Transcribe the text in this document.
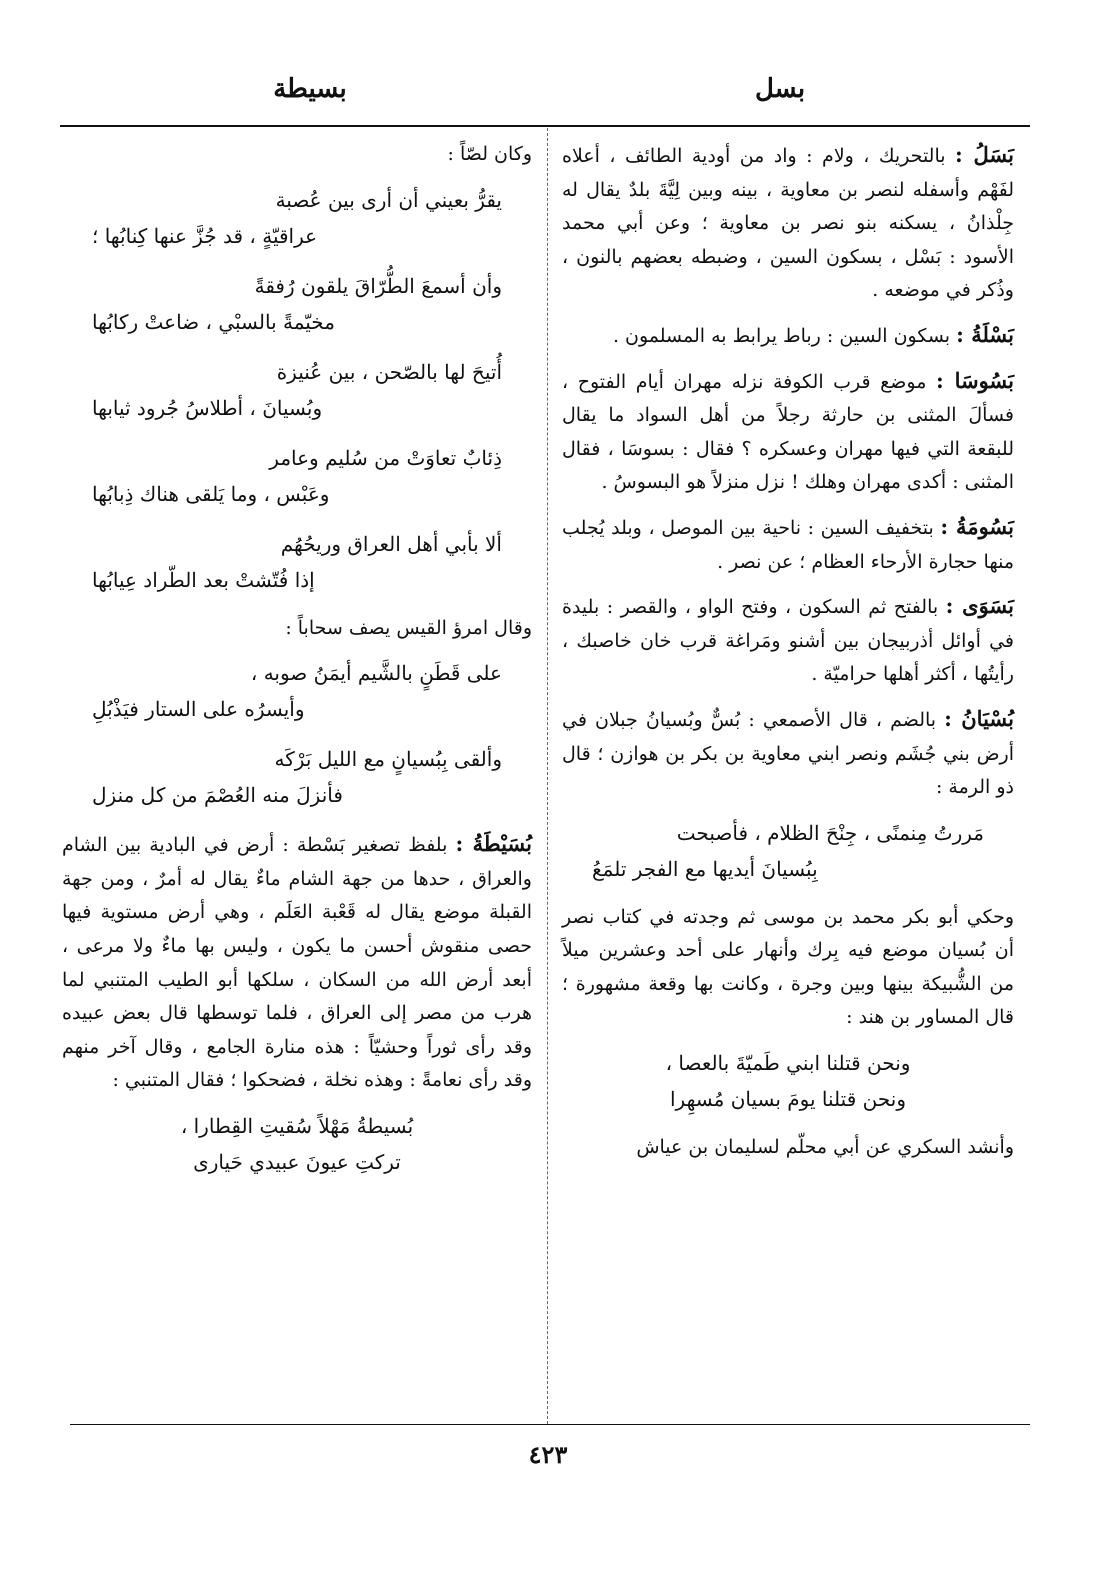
بسل
بسيطة

بَسَلُ : بالتحريك ، ولام : واد من أودية الطائف ، أعلاه لفَهْم وأسفله لنصر بن معاوية ، بينه وبين لِيَّةَ بلدٌ يقال له جِلْذانُ ، يسكنه بنو نصر بن معاوية ؛ وعن أبي محمد الأسود : بَسْل ، بسكون السين ، وضبطه بعضهم بالنون ، وذُكر في موضعه .

بَسْلَةُ : بسكون السين : رباط يرابط به المسلمون .

بَسُوسَا : موضع قرب الكوفة نزله مهران أيام الفتوح ، فسألَ المثنى بن حارثة رجلاً من أهل السواد ما يقال للبقعة التي فيها مهران وعسكره ؟ فقال : بسوسَا ، فقال المثنى : أكدى مهران وهلك ! نزل منزلاً هو البسوسُ .

بَسُومَةُ : بتخفيف السين : ناحية بين الموصل ، وبلد يُجلب منها حجارة الأرحاء العظام ؛ عن نصر .

بَسَوَى : بالفتح ثم السكون ، وفتح الواو ، والقصر : بليدة في أوائل أذربيجان بين أشنو ومَراغة قرب خان خاصبك ، رأيتُها ، أكثر أهلها حراميّة .

بُسْيَانُ : بالضم ، قال الأصمعي : بُسٌّ وبُسيانُ جبلان في أرض بني جُشَم ونصر ابني معاوية بن بكر بن هوازن ؛ قال ذو الرمة :

مَررتُ مِنمنًى ، جِنْحَ الظلام ، فأصبحت
بِبُسيانَ أيديها مع الفجر تلمَعُ

وحكي أبو بكر محمد بن موسى ثم وجدته في كتاب نصر أن بُسيان موضع فيه بِرك وأنهار على أحد وعشرين ميلاً من الشُّبيكة بينها وبين وجرة ، وكانت بها وقعة مشهورة ؛ قال المساور بن هند :

ونحن قتلنا ابني طَميّةَ بالعصا ،
ونحن قتلنا يومَ بسيان مُسهِرا

وأنشد السكري عن أبي محلّم لسليمان بن عياش

وكان لصّاً :

يقرُّ بعيني أن أرى بين عُصبة
عراقيّةٍ ، قد جُزَّ عنها كِنابُها ؛
وأن أسمعَ الطُّرّاقَ يلقون رُفقةً
مخيّمةً بالسبْي ، ضاعتْ ركابُها
أُتيحَ لها بالصّحن ، بين عُنيزة
وبُسيانَ ، أطلاسُ جُرود ثيابها
ذِئابٌ تعاوَتْ من سُليم وعامر
وعَبْس ، وما يَلقى هناك ذِبابُها
ألا بأبي أهل العراق وريحُهُم
إذا فُتّشتْ بعد الطّراد عِيابُها

وقال امرؤ القيس يصف سحاباً :

على قَطَنٍ بالشَّيم أيمَنُ صوبه ،
وأيسرُه على الستار فيَذْبُلِ
وألقى بِبُسيانٍ مع الليل بَرْكَه
فأنزلَ منه العُصْمَ من كل منزل

بُسَيْطَةُ : بلفظ تصغير بَسْطة : أرض في البادية بين الشام والعراق ، حدها من جهة الشام ماءٌ يقال له أمرٌ ، ومن جهة القبلة موضع يقال له قَعْبة العَلَم ، وهي أرض مستوية فيها حصى منقوش أحسن ما يكون ، وليس بها ماءٌ ولا مرعى ، أبعد أرض الله من السكان ، سلكها أبو الطيب المتنبي لما هرب من مصر إلى العراق ، فلما توسطها قال بعض عبيده وقد رأى ثوراً وحشيّاً : هذه منارة الجامع ، وقال آخر منهم وقد رأى نعامةً : وهذه نخلة ، فضحكوا ؛ فقال المتنبي :

بُسيطةُ مَهْلاً سُقيتِ القِطارا ،
تركتِ عيونَ عبيدي حَيارى
٤٢٣
